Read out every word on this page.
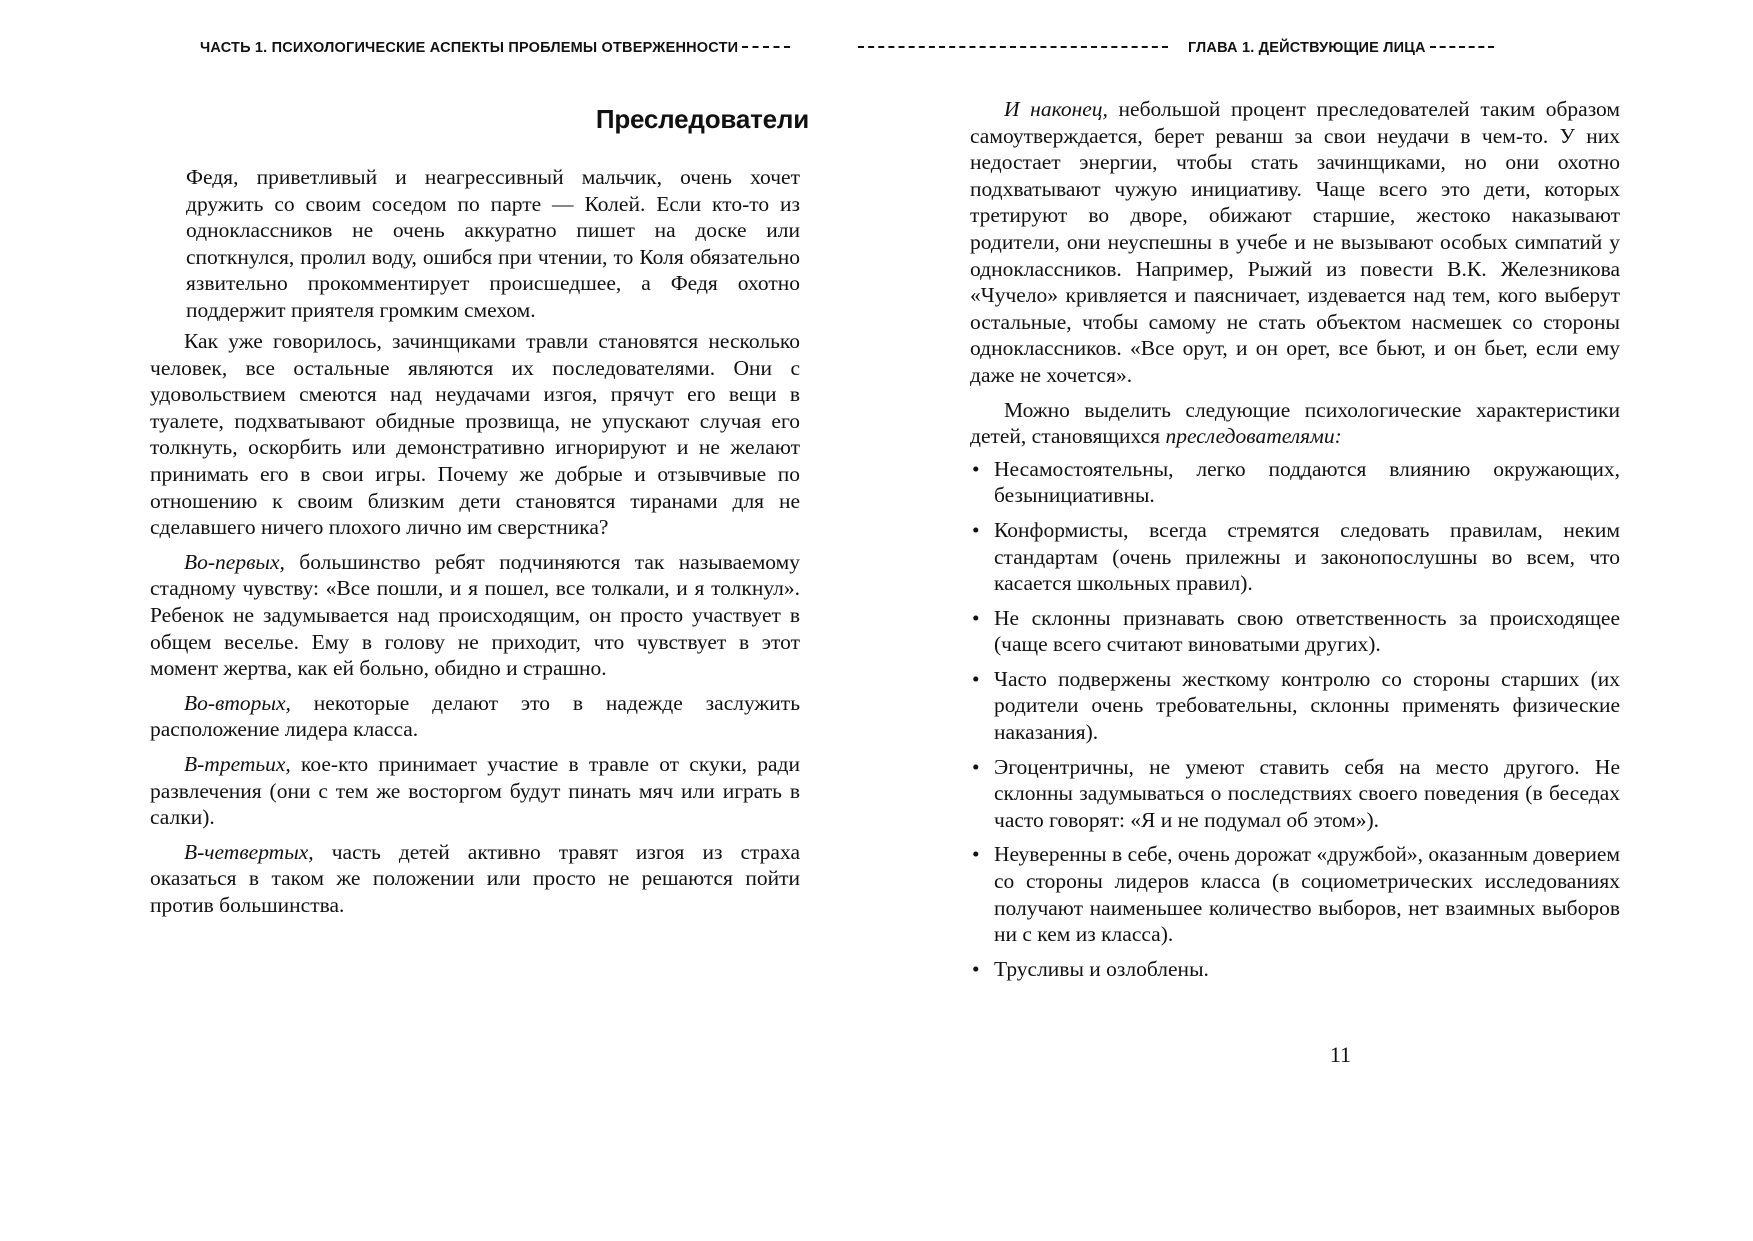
ЧАСТЬ 1. ПСИХОЛОГИЧЕСКИЕ АСПЕКТЫ ПРОБЛЕМЫ ОТВЕРЖЕННОСТИ
Преследователи

Федя, приветливый и неагрессивный мальчик, очень хочет дружить со своим соседом по парте — Колей. Если кто-то из одноклассников не очень аккуратно пишет на доске или споткнулся, пролил воду, ошибся при чтении, то Коля обязательно язвительно прокомментирует происшедшее, а Федя охотно поддержит приятеля громким смехом.

Как уже говорилось, зачинщиками травли становятся несколько человек, все остальные являются их последователями. Они с удовольствием смеются над неудачами изгоя, прячут его вещи в туалете, подхватывают обидные прозвища, не упускают случая его толкнуть, оскорбить или демонстративно игнорируют и не желают принимать его в свои игры. Почему же добрые и отзывчивые по отношению к своим близким дети становятся тиранами для не сделавшего ничего плохого лично им сверстника?

Во-первых, большинство ребят подчиняются так называемому стадному чувству: «Все пошли, и я пошел, все толкали, и я толкнул». Ребенок не задумывается над происходящим, он просто участвует в общем веселье. Ему в голову не приходит, что чувствует в этот момент жертва, как ей больно, обидно и страшно.

Во-вторых, некоторые делают это в надежде заслужить расположение лидера класса.

В-третьих, кое-кто принимает участие в травле от скуки, ради развлечения (они с тем же восторгом будут пинать мяч или играть в салки).

В-четвертых, часть детей активно травят изгоя из страха оказаться в таком же положении или просто не решаются пойти против большинства.

ГЛАВА 1. ДЕЙСТВУЮЩИЕ ЛИЦА

И наконец, небольшой процент преследователей таким образом самоутверждается, берет реванш за свои неудачи в чем-то. У них недостает энергии, чтобы стать зачинщиками, но они охотно подхватывают чужую инициативу. Чаще всего это дети, которых третируют во дворе, обижают старшие, жестоко наказывают родители, они неуспешны в учебе и не вызывают особых симпатий у одноклассников. Например, Рыжий из повести В.К. Железникова «Чучело» кривляется и паясничает, издевается над тем, кого выберут остальные, чтобы самому не стать объектом насмешек со стороны одноклассников. «Все орут, и он орет, все бьют, и он бьет, если ему даже не хочется».

Можно выделить следующие психологические характеристики детей, становящихся преследователями:

• Несамостоятельны, легко поддаются влиянию окружающих, безынициативны.
• Конформисты, всегда стремятся следовать правилам, неким стандартам (очень прилежны и законопослушны во всем, что касается школьных правил).
• Не склонны признавать свою ответственность за происходящее (чаще всего считают виноватыми других).
• Часто подвержены жесткому контролю со стороны старших (их родители очень требовательны, склонны применять физические наказания).
• Эгоцентричны, не умеют ставить себя на место другого. Не склонны задумываться о последствиях своего поведения (в беседах часто говорят: «Я и не подумал об этом»).
• Неуверенны в себе, очень дорожат «дружбой», оказанным доверием со стороны лидеров класса (в социометрических исследованиях получают наименьшее количество выборов, нет взаимных выборов ни с кем из класса).
• Трусливы и озлоблены.
11
